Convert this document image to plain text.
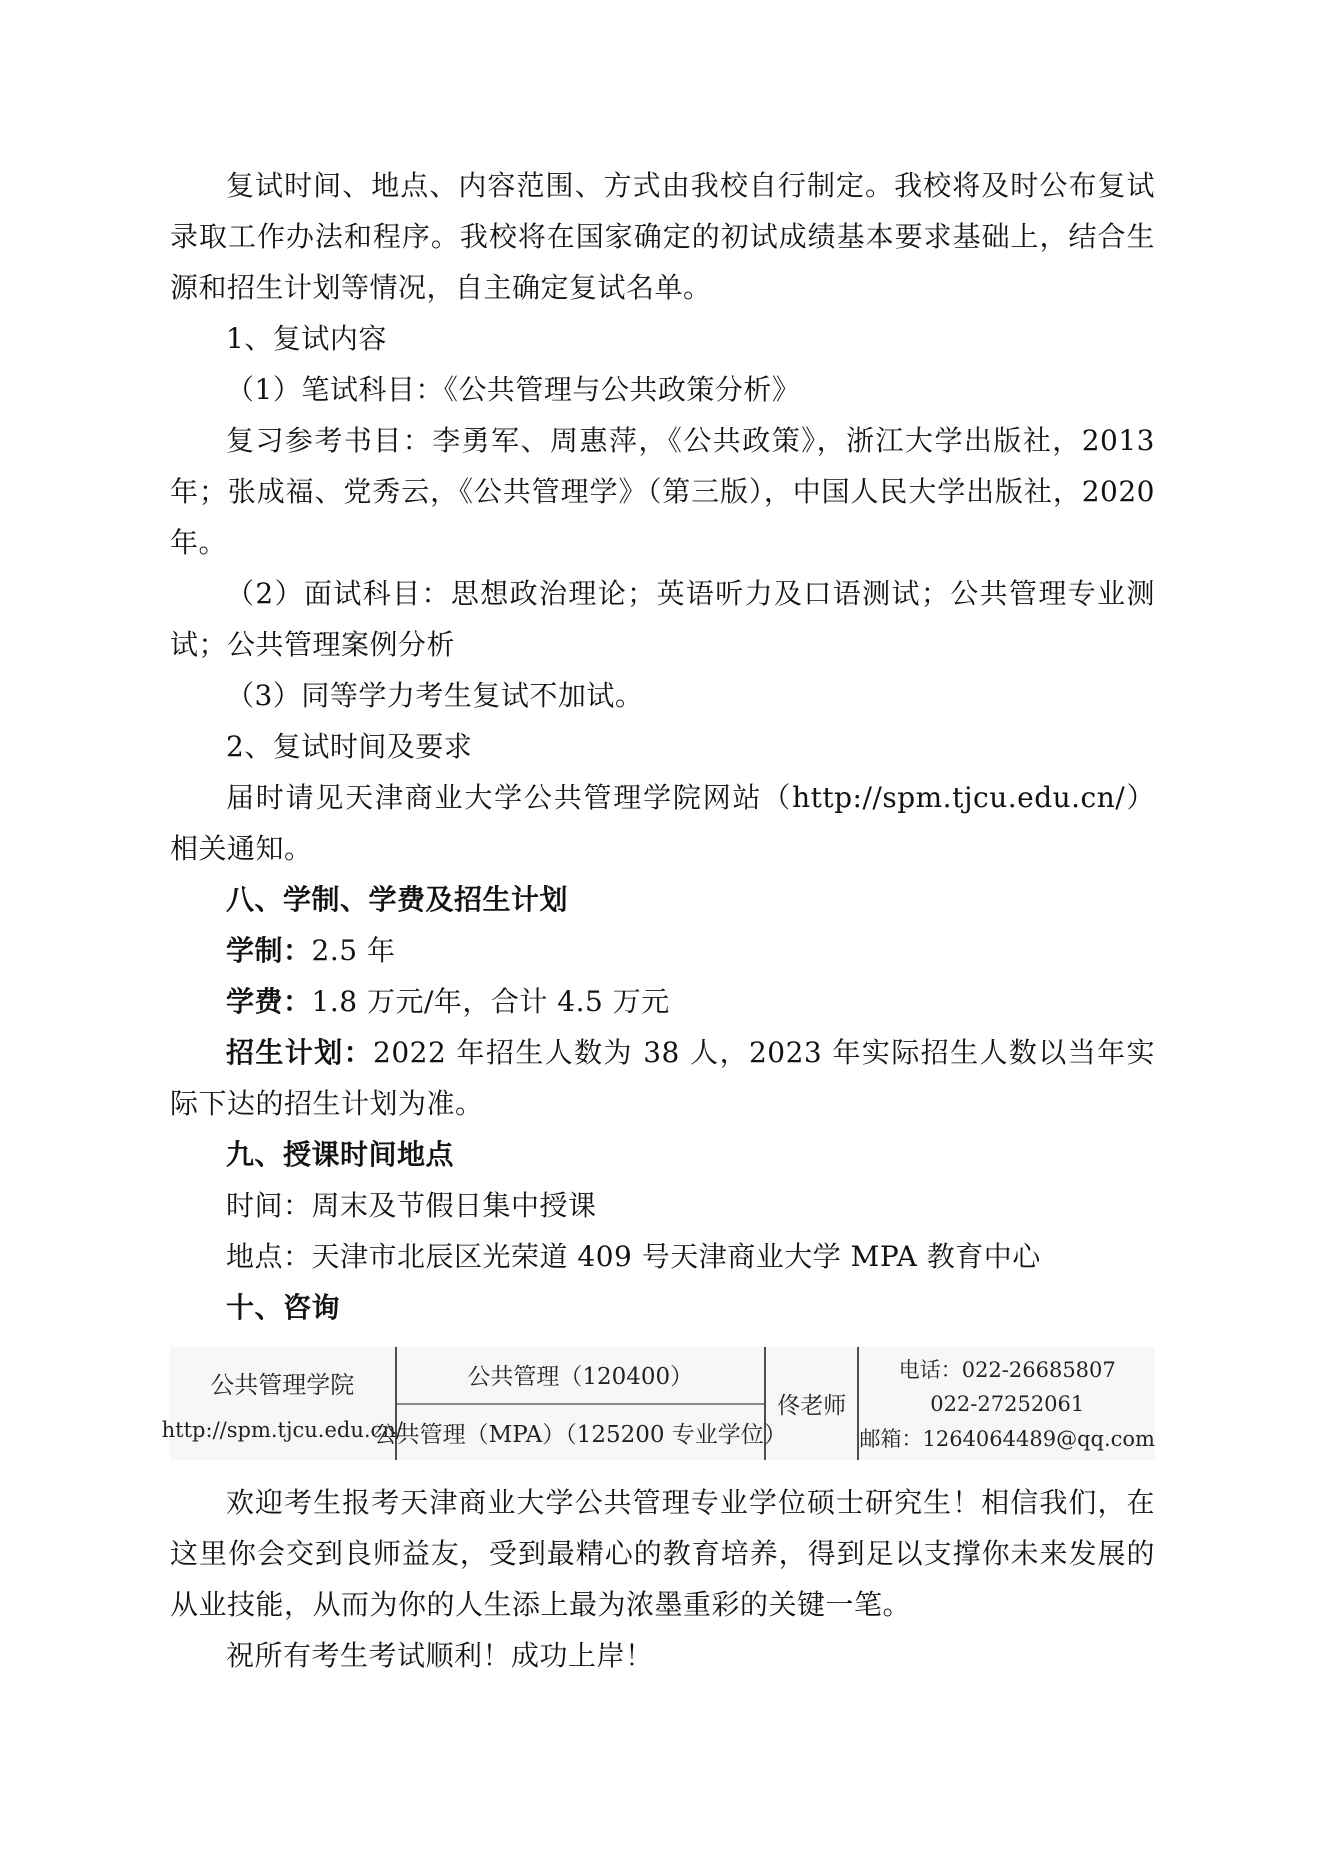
复试时间、地点、内容范围、方式由我校自行制定。我校将及时公布复试录取工作办法和程序。我校将在国家确定的初试成绩基本要求基础上，结合生源和招生计划等情况，自主确定复试名单。

1、复试内容

（1）笔试科目：《公共管理与公共政策分析》

复习参考书目：李勇军、周惠萍，《公共政策》，浙江大学出版社，2013 年；张成福、党秀云，《公共管理学》（第三版），中国人民大学出版社，2020 年。

（2）面试科目：思想政治理论；英语听力及口语测试；公共管理专业测试；公共管理案例分析

（3）同等学力考生复试不加试。

2、复试时间及要求

届时请见天津商业大学公共管理学院网站（http://spm.tjcu.edu.cn/）相关通知。

八、学制、学费及招生计划

学制：2.5 年

学费：1.8 万元/年，合计 4.5 万元

招生计划：2022 年招生人数为 38 人，2023 年实际招生人数以当年实际下达的招生计划为准。

九、授课时间地点

时间：周末及节假日集中授课

地点：天津市北辰区光荣道 409 号天津商业大学 MPA 教育中心

十、咨询

公共管理学院
http://spm.tjcu.edu.cn/
公共管理（120400）
公共管理（MPA）（125200 专业学位）
佟老师
电话：022-26685807
022-27252061
邮箱：1264064489@qq.com

欢迎考生报考天津商业大学公共管理专业学位硕士研究生！相信我们，在这里你会交到良师益友，受到最精心的教育培养，得到足以支撑你未来发展的从业技能，从而为你的人生添上最为浓墨重彩的关键一笔。

祝所有考生考试顺利！成功上岸！
